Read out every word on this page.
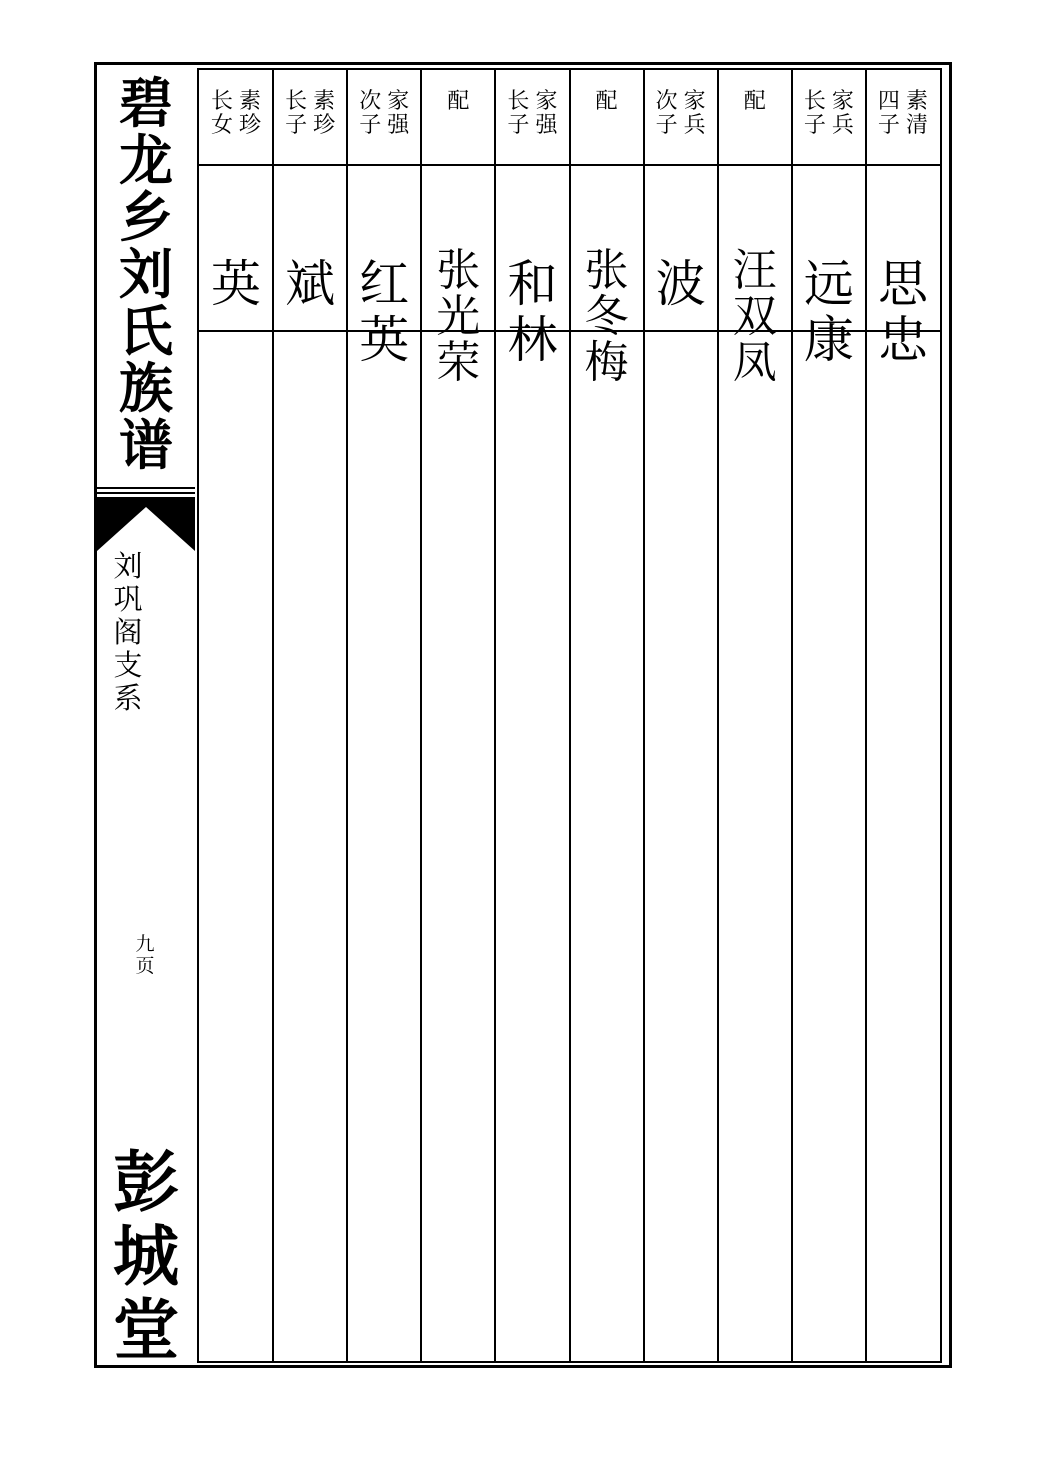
碧
龙
乡
刘
氏
族
谱
刘
巩
阁
支
系
九
页
彭
城
堂
长
女
素
珍
英
长
子
素
珍
斌
次
子
家
强
红
英
配
张
光
荣
长
子
家
强
和
林
配
张
冬
梅
次
子
家
兵
波
配
汪
双
凤
长
子
家
兵
远
康
四
子
素
清
思
忠
